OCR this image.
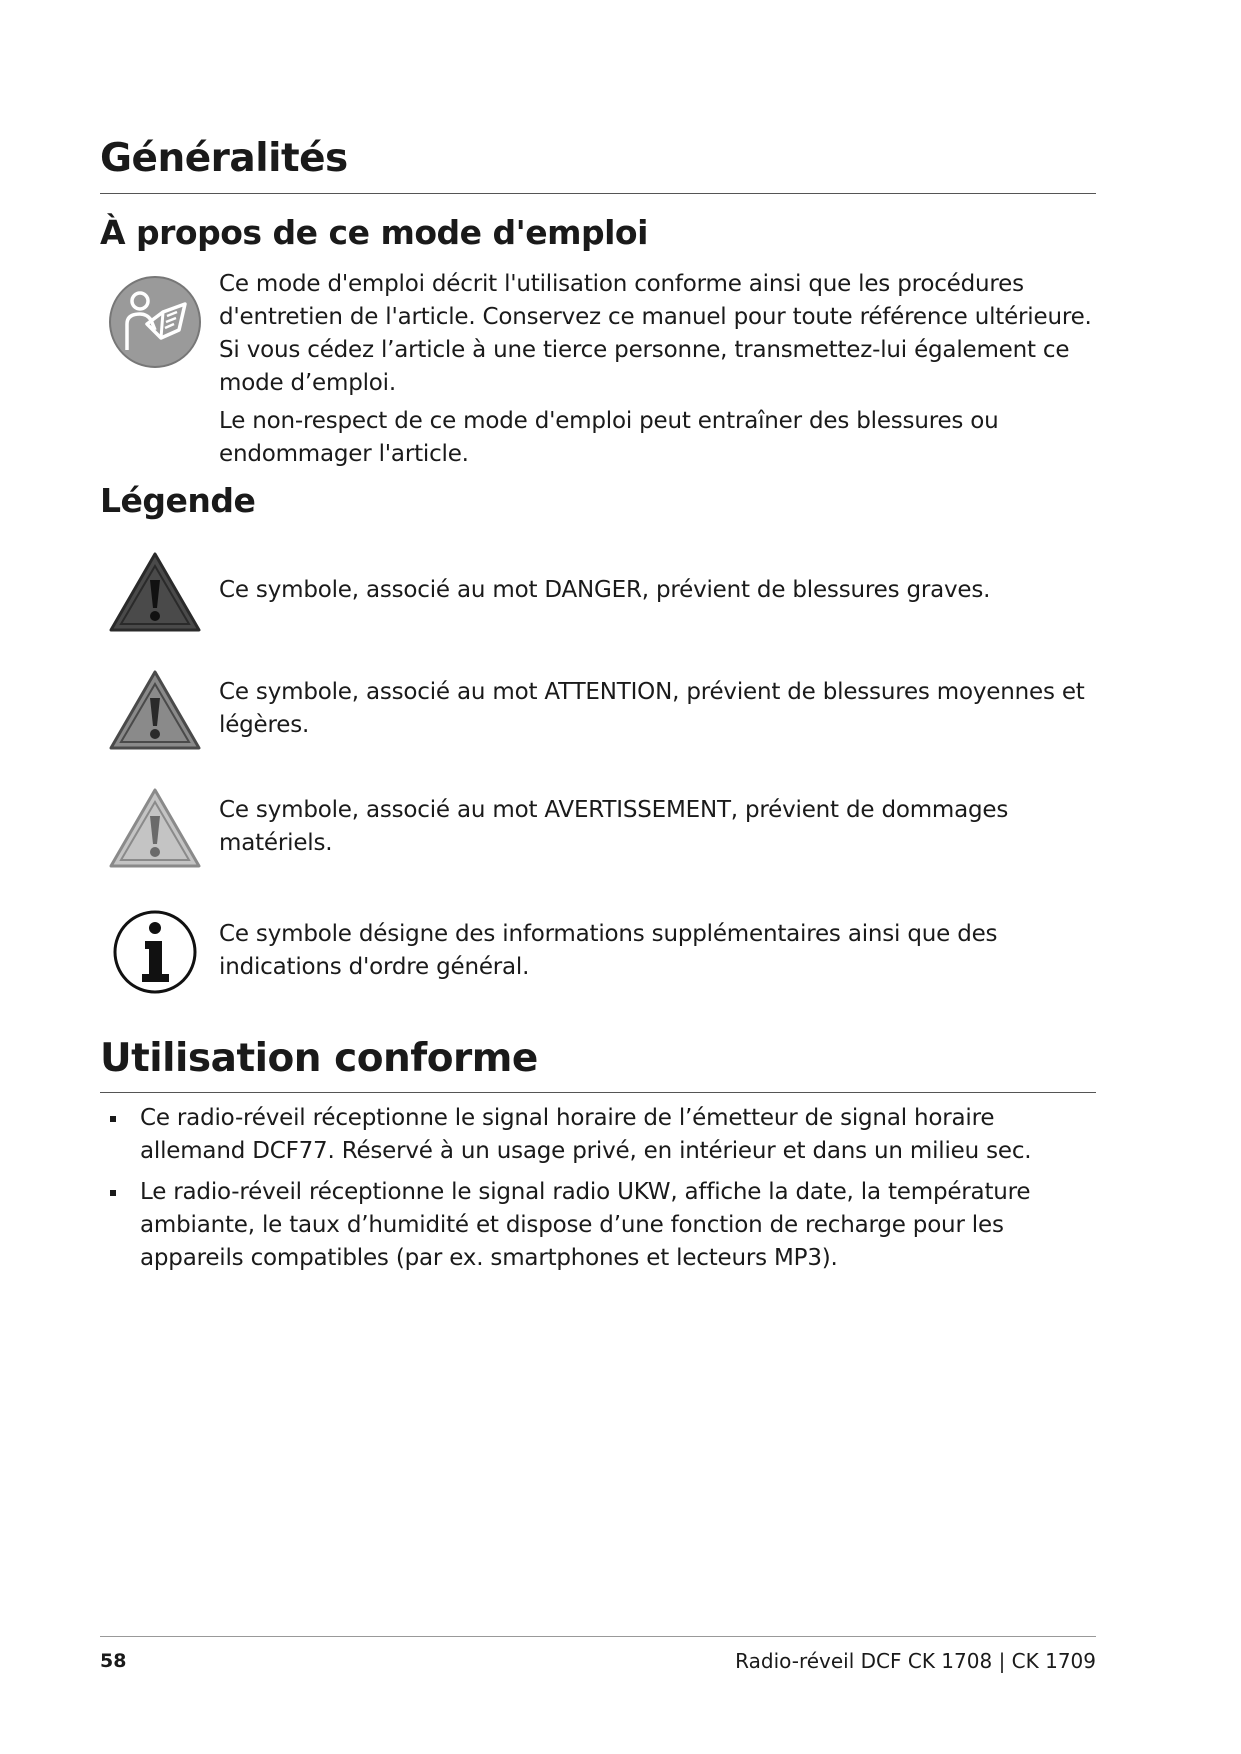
Généralités
À propos de ce mode d'emploi

Ce mode d'emploi décrit l'utilisation conforme ainsi que les procédures d'entretien de l'article. Conservez ce manuel pour toute référence ultérieure. Si vous cédez l’article à une tierce personne, transmettez-lui également ce mode d’emploi.

Le non-respect de ce mode d'emploi peut entraîner des blessures ou endommager l'article.

Légende
Ce symbole, associé au mot DANGER, prévient de blessures graves.
Ce symbole, associé au mot ATTENTION, prévient de blessures moyennes et légères.
Ce symbole, associé au mot AVERTISSEMENT, prévient de dommages matériels.
Ce symbole désigne des informations supplémentaires ainsi que des indications d'ordre général.
Utilisation conforme
Ce radio-réveil réceptionne le signal horaire de l’émetteur de signal horaire allemand DCF77. Réservé à un usage privé, en intérieur et dans un milieu sec.
Le radio-réveil réceptionne le signal radio UKW, affiche la date, la température ambiante, le taux d’humidité et dispose d’une fonction de recharge pour les appareils compatibles (par ex. smartphones et lecteurs MP3).
58	Radio-réveil DCF CK 1708 | CK 1709
